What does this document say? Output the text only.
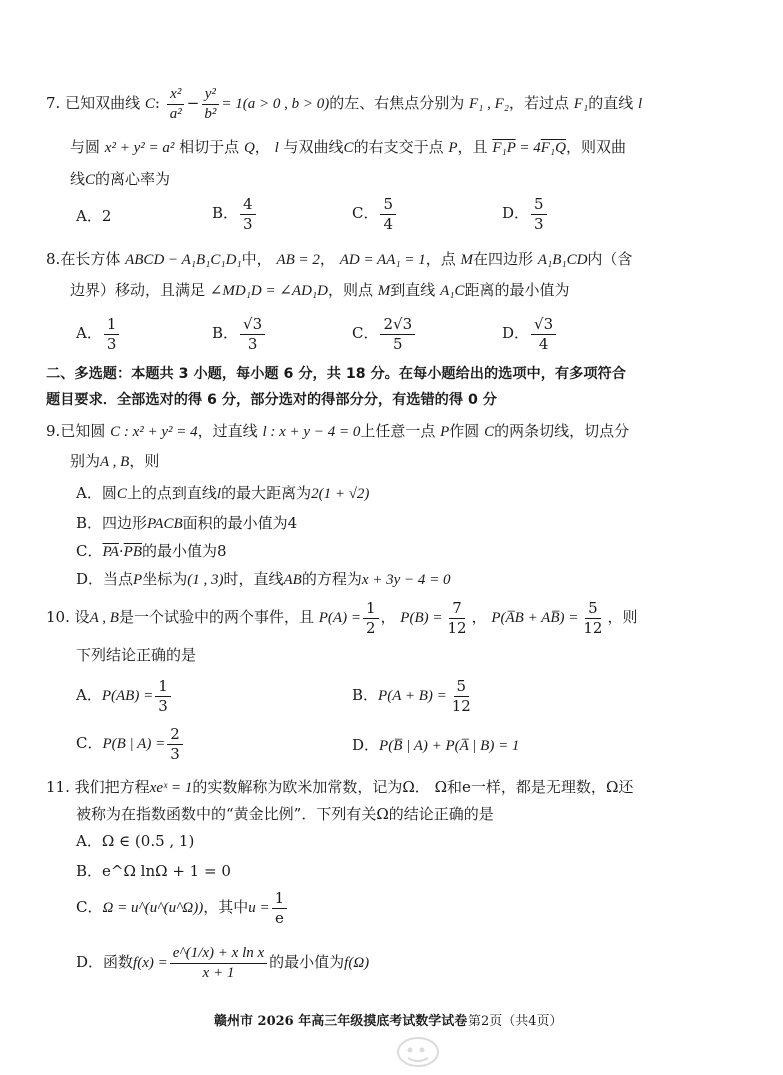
7. 已知双曲线 C: $\frac{\text{x²}}{\text{a²}} - \frac{\text{y²}}{\text{b²}} = 1(a > 0$ , b > 0)的左、右焦点分别为 F₁ , F₂，若过点 F₁的直线 l
与圆 x² + y² = a² 相切于点 Q， l 与双曲线C的右支交于点 P，且 F₁P = 4F₁Q，则双曲
线C的离心率为
A．2	B． $\frac{4}{3}$	C． $\frac{5}{4}$	D． $\frac{5}{3}$
8.在长方体 ABCD − A₁B₁C₁D₁中， AB = 2， AD = AA₁ = 1，点 M在四边形 A₁B₁CD内（含
边界）移动，且满足 ∠MD₁D = ∠AD₁D，则点 M到直线 A₁C距离的最小值为
A． $\frac{1}{3}$	B． $\frac{√3}{3}$	C． $\frac{2√3}{5}$	D． $\frac{√3}{4}$
二、多选题：本题共 3 小题，每小题 6 分，共 18 分。在每小题给出的选项中，有多项符合
题目要求．全部选对的得 6 分，部分选对的得部分分，有选错的得 0 分
9.已知圆 C : x² + y² = 4，过直线 l : x + y − 4 = 0上任意一点 P作圆 C的两条切线，切点分
别为A , B，则
A．圆C上的点到直线l的最大距离为2(1 + √2)
B．四边形PACB面积的最小值为4
C．$\overline{PA}\cdot\overline{PB}$的最小值为8
D．当点P坐标为(1 , 3)时，直线AB的方程为x + 3y − 4 = 0
10. 设A , B是一个试验中的两个事件，且 $P(A) = \frac{1}{2}$ ， $P(B) = \frac{7}{12}$ ， P(A̅B + AB̅) = $\frac{5}{12}$ ，则
下列结论正确的是
A．$P(AB) = \frac{1}{3}$	B．$P(A + B) = \frac{5}{12}$
C．P(B | $A) = \frac{2}{3}$	D．P(B̅ | A) + P(A̅ | B) = 1
11. 我们把方程xeˣ = 1的实数解称为欧米加常数，记为Ω． Ω和e一样，都是无理数，Ω还
被称为在指数函数中的“黄金比例”．下列有关Ω的结论正确的是
A．Ω ∈ (0.5 , 1)
B．e^Ω lnΩ + 1 = 0
C．Ω = u^(u^(u^Ω))，其中$u = \frac{1}{e}$
D．函数$f(x) = \frac{\text{e\textasciicircum{}(1/x) + x ln x}}{x + 1}$ 的最小值为f(Ω)
赣州市 2026 年高三年级摸底考试数学试卷 第2页（共4页）
